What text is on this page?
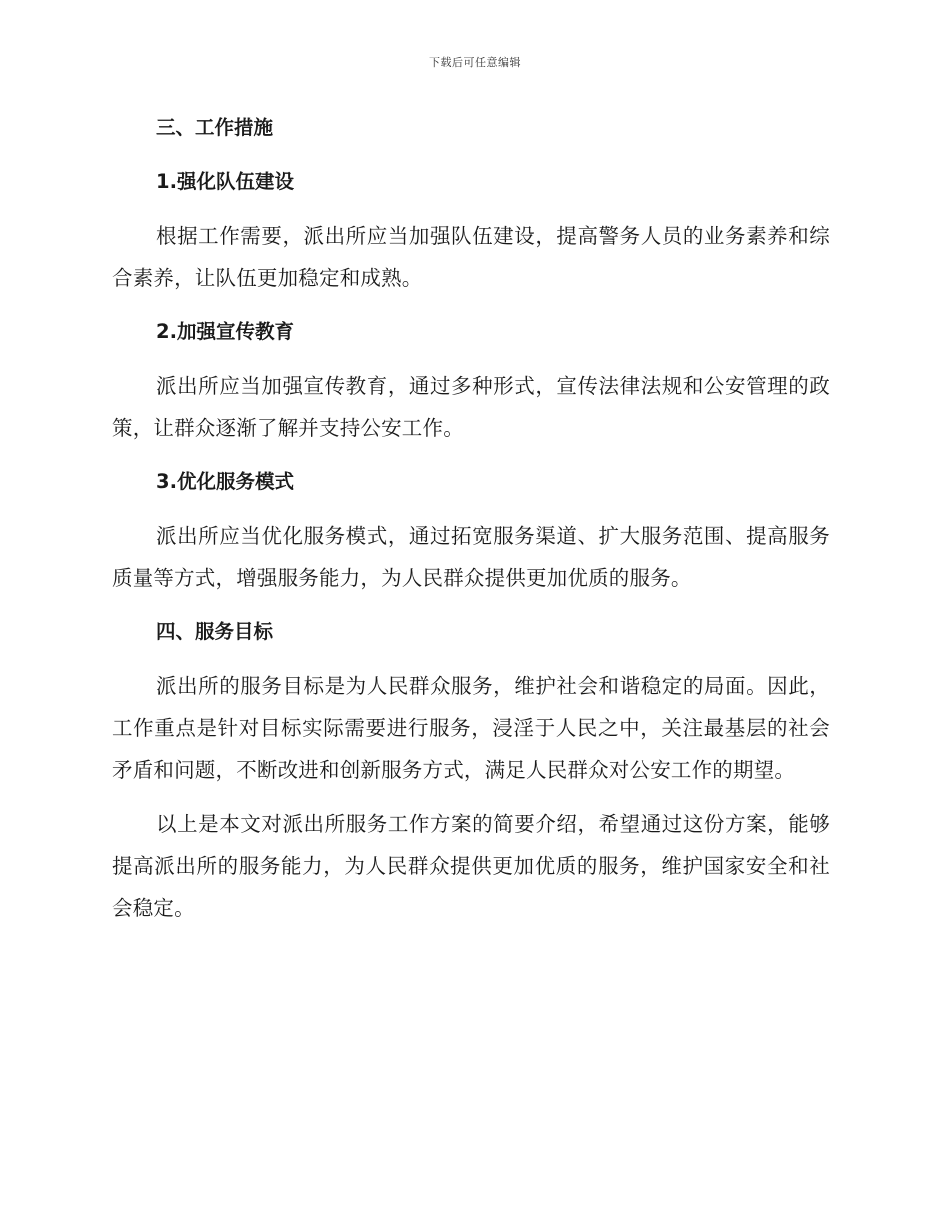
下载后可任意编辑
三、工作措施
1.强化队伍建设

根据工作需要，派出所应当加强队伍建设，提高警务人员的业务素养和综合素养，让队伍更加稳定和成熟。

2.加强宣传教育

派出所应当加强宣传教育，通过多种形式，宣传法律法规和公安管理的政策，让群众逐渐了解并支持公安工作。

3.优化服务模式

派出所应当优化服务模式，通过拓宽服务渠道、扩大服务范围、提高服务质量等方式，增强服务能力，为人民群众提供更加优质的服务。

四、服务目标

派出所的服务目标是为人民群众服务，维护社会和谐稳定的局面。因此，工作重点是针对目标实际需要进行服务，浸淫于人民之中，关注最基层的社会矛盾和问题，不断改进和创新服务方式，满足人民群众对公安工作的期望。

以上是本文对派出所服务工作方案的简要介绍，希望通过这份方案，能够提高派出所的服务能力，为人民群众提供更加优质的服务，维护国家安全和社会稳定。
